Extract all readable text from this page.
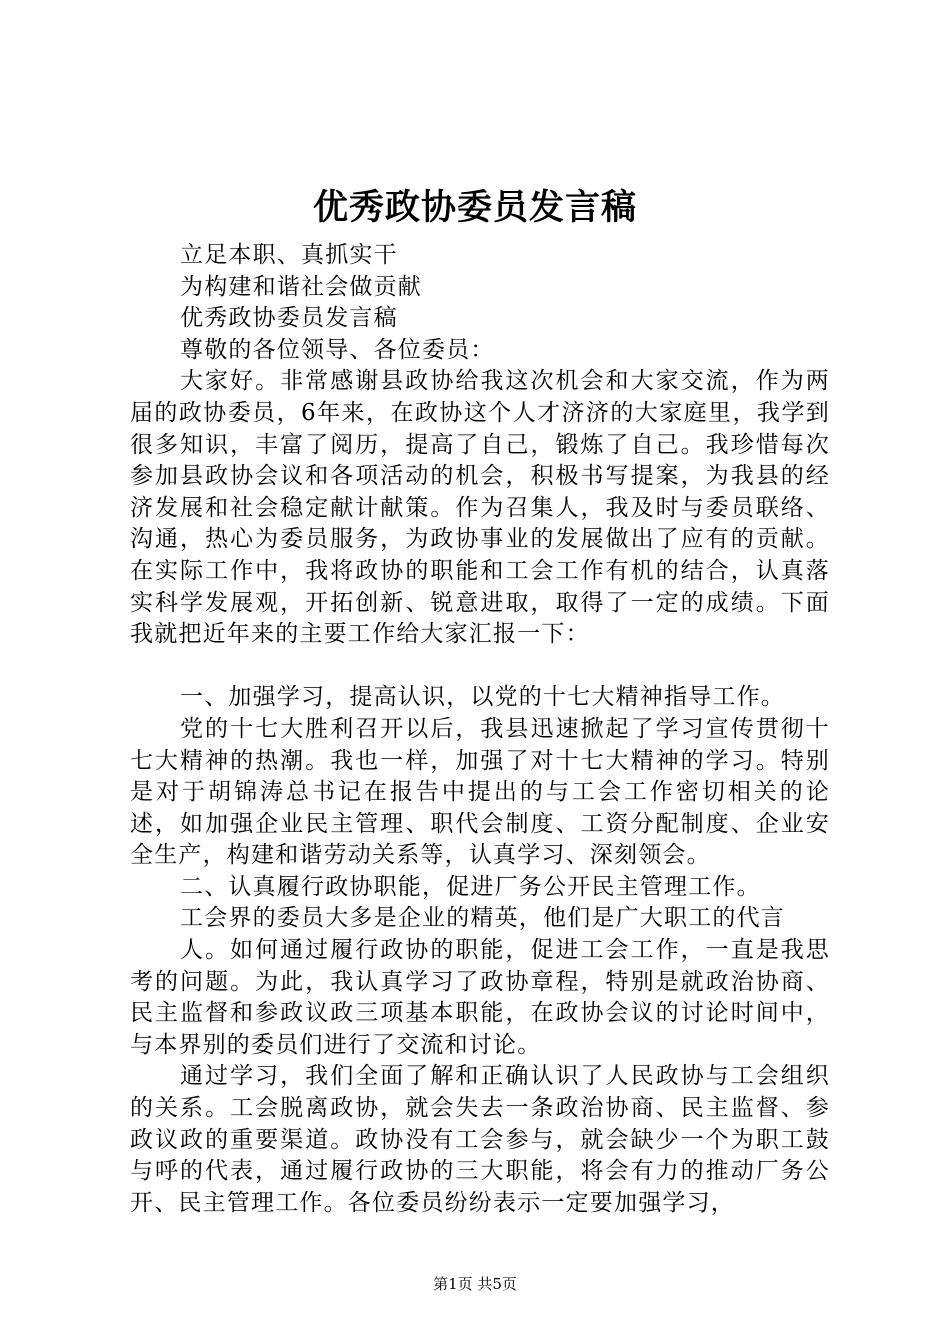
优秀政协委员发言稿

立足本职、真抓实干

为构建和谐社会做贡献

优秀政协委员发言稿

尊敬的各位领导、各位委员：

大家好。非常感谢县政协给我这次机会和大家交流，作为两届的政协委员，6年来，在政协这个人才济济的大家庭里，我学到很多知识，丰富了阅历，提高了自己，锻炼了自己。我珍惜每次参加县政协会议和各项活动的机会，积极书写提案，为我县的经济发展和社会稳定献计献策。作为召集人，我及时与委员联络、沟通，热心为委员服务，为政协事业的发展做出了应有的贡献。在实际工作中，我将政协的职能和工会工作有机的结合，认真落实科学发展观，开拓创新、锐意进取，取得了一定的成绩。下面我就把近年来的主要工作给大家汇报一下：

一、加强学习，提高认识，以党的十七大精神指导工作。

党的十七大胜利召开以后，我县迅速掀起了学习宣传贯彻十七大精神的热潮。我也一样，加强了对十七大精神的学习。特别是对于胡锦涛总书记在报告中提出的与工会工作密切相关的论述，如加强企业民主管理、职代会制度、工资分配制度、企业安全生产，构建和谐劳动关系等，认真学习、深刻领会。

二、认真履行政协职能，促进厂务公开民主管理工作。

工会界的委员大多是企业的精英，他们是广大职工的代言

人。如何通过履行政协的职能，促进工会工作，一直是我思考的问题。为此，我认真学习了政协章程，特别是就政治协商、民主监督和参政议政三项基本职能，在政协会议的讨论时间中，与本界别的委员们进行了交流和讨论。

通过学习，我们全面了解和正确认识了人民政协与工会组织的关系。工会脱离政协，就会失去一条政治协商、民主监督、参政议政的重要渠道。政协没有工会参与，就会缺少一个为职工鼓与呼的代表，通过履行政协的三大职能，将会有力的推动厂务公开、民主管理工作。各位委员纷纷表示一定要加强学习，

第1页 共5页
